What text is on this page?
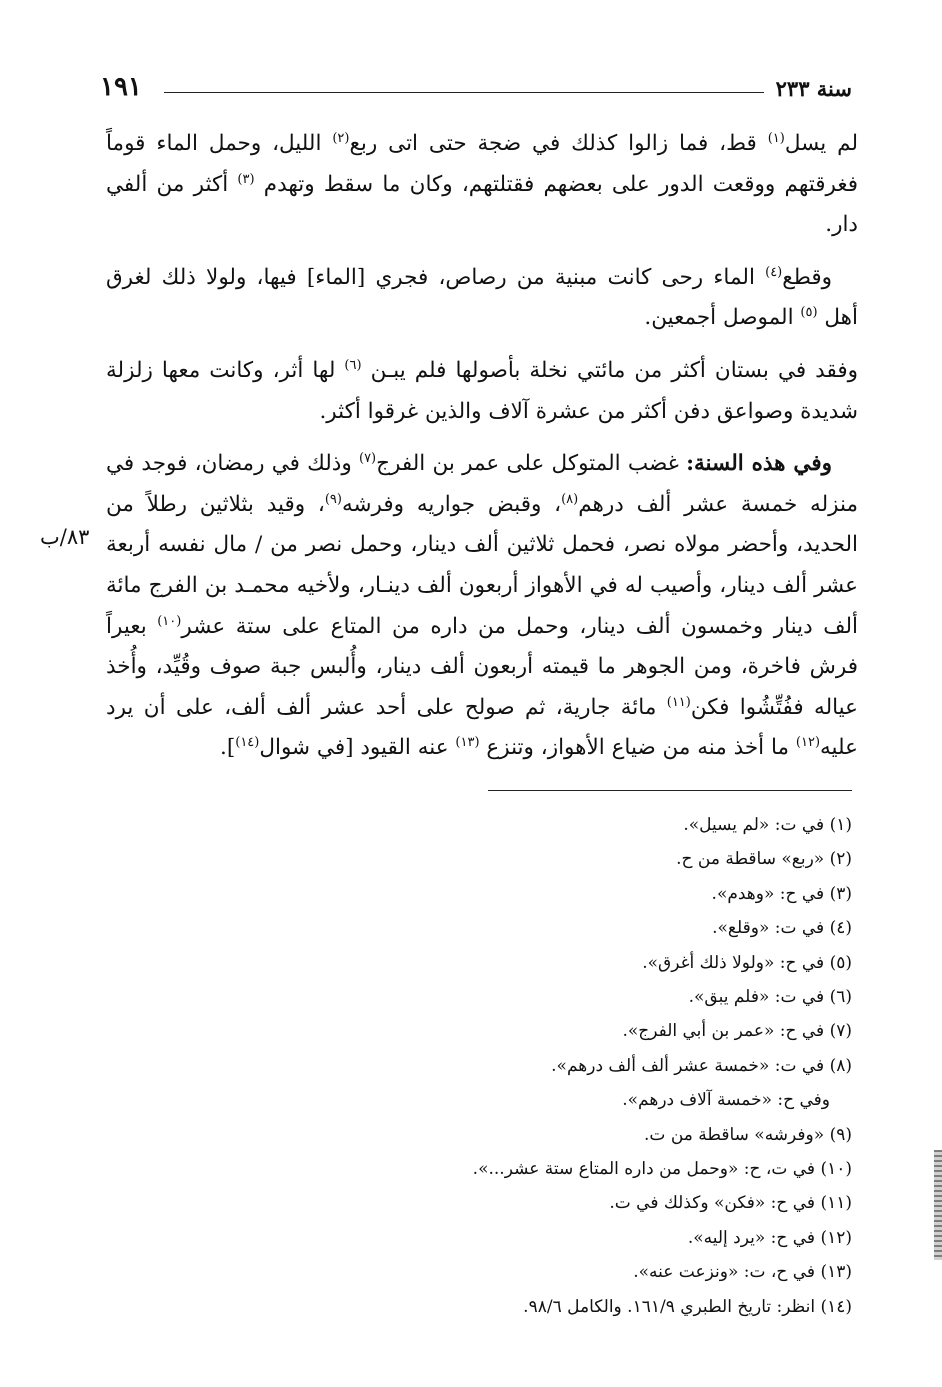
سنة ٢٣٣
١٩١
٨٣/ب

لم يسل$^{(١)}$ قط، فما زالوا كذلك في ضجة حتى اتى ربع$^{(٢)}$ الليل، وحمل الماء قوماً فغرقتهم ووقعت الدور على بعضهم فقتلتهم، وكان ما سقط وتهدم $^{(٣)}$ أكثر من ألفي دار.

وقطع$^{(٤)}$ الماء رحى كانت مبنية من رصاص، فجري [الماء] فيها، ولولا ذلك لغرق أهل $^{(٥)}$ الموصل أجمعين.

وفقد في بستان أكثر من مائتي نخلة بأصولها فلم يبـن $^{(٦)}$ لها أثر، وكانت معها زلزلة شديدة وصواعق دفن أكثر من عشرة آلاف والذين غرقوا أكثر.

وفي هذه السنة: غضب المتوكل على عمر بن الفرج$^{(٧)}$ وذلك في رمضان، فوجد في منزله خمسة عشر ألف درهم$^{(٨)}$، وقبض جواريه وفرشه$^{(٩)}$، وقيد بثلاثين رطلاً من الحديد، وأحضر مولاه نصر، فحمل ثلاثين ألف دينار، وحمل نصر من / مال نفسه أربعة عشر ألف دينار، وأصيب له في الأهواز أربعون ألف دينـار، ولأخيه محمـد بن الفرج مائة ألف دينار وخمسون ألف دينار، وحمل من داره من المتاع على ستة عشر$^{(١٠)}$ بعيراً فرش فاخرة، ومن الجوهر ما قيمته أربعون ألف دينار، وأُلبس جبة صوف وقُيِّد، وأُخذ عياله ففُتِّشُوا فكن$^{(١١)}$ مائة جارية، ثم صولح على أحد عشر ألف ألف، على أن يرد عليه$^{(١٢)}$ ما أخذ منه من ضياع الأهواز، وتنزع $^{(١٣)}$ عنه القيود [في شوال$^{(١٤)}$].

(١) في ت: «لم يسيل».
(٢) «ربع» ساقطة من ح.
(٣) في ح: «وهدم».
(٤) في ت: «وقلع».
(٥) في ح: «ولولا ذلك أغرق».
(٦) في ت: «فلم يبق».
(٧) في ح: «عمر بن أبي الفرج».
(٨) في ت: «خمسة عشر ألف ألف درهم».
وفي ح: «خمسة آلاف درهم».
(٩) «وفرشه» ساقطة من ت.
(١٠) في ت، ح: «وحمل من داره المتاع ستة عشر...».
(١١) في ح: «فكن» وكذلك في ت.
(١٢) في ح: «يرد إليه».
(١٣) في ح، ت: «ونزعت عنه».
(١٤) انظر: تاريخ الطبري ١٦١/٩. والكامل ٩٨/٦.
